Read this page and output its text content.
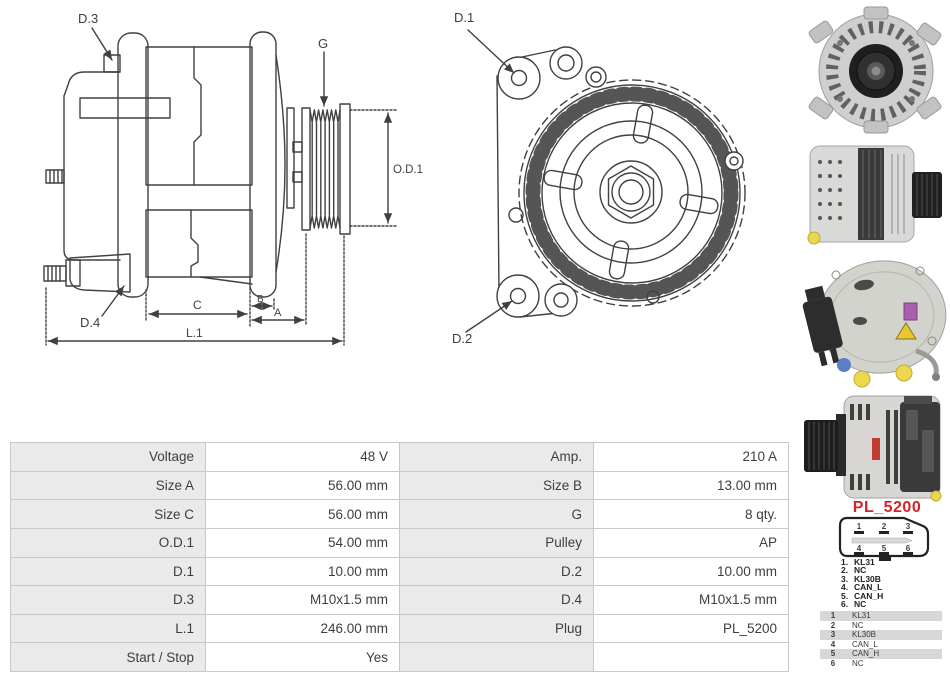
D.3
G
O.D.1
D.4
C	B
A
L.1
D.1
D.2
Voltage	48 V	Amp.	210 A
Size A	56.00 mm	Size B	13.00 mm
Size C	56.00 mm	G	8 qty.
O.D.1	54.00 mm	Pulley	AP
D.1	10.00 mm	D.2	10.00 mm
D.3	M10x1.5 mm	D.4	M10x1.5 mm
L.1	246.00 mm	Plug	PL_5200
Start / Stop	Yes		
PL_5200
1	2 3
4	5 6
1. KL31
2. NC
3. KL30B
4. CAN_L
5. CAN_H
6. NC
1	KL31
2	NC
3	KL30B
4	CAN_L
5	CAN_H
6	NC
